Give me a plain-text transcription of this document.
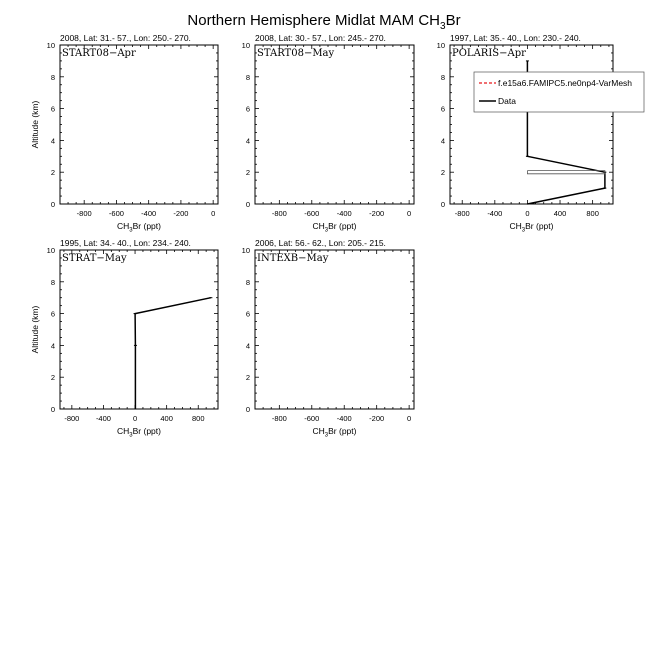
Northern Hemisphere Midlat MAM $CH_3Br$
2008, Lat: 31.- 57., Lon: 250.- 270.
START08−Apr
0
2
4
6
8
10
-800 -600 -400 -200	0
$CH_3Br$ (ppt)
Altitude (km)
2008, Lat: 30.- 57., Lon: 245.- 270.
START08−May
0
2
4
6
8
10
-800 -600 -400 -200	0
$CH_3Br$ (ppt)
1997, Lat: 35.- 40., Lon: 230.- 240.
POLARIS−Apr
0
2
4
6
8
10
-800 -400	0	400	800
$CH_3Br$ (ppt)
f.e15a6.FAMIPC5.ne0np4-VarMesh
Data
1995, Lat: 34.- 40., Lon: 234.- 240.
STRAT−May
0
2
4
6
8
10
-800 -400	0	400	800
$CH_3Br$ (ppt)
Altitude (km)
2006, Lat: 56.- 62., Lon: 205.- 215.
INTEXB−May
0
2
4
6
8
10
-800 -600 -400 -200	0
$CH_3Br$ (ppt)
